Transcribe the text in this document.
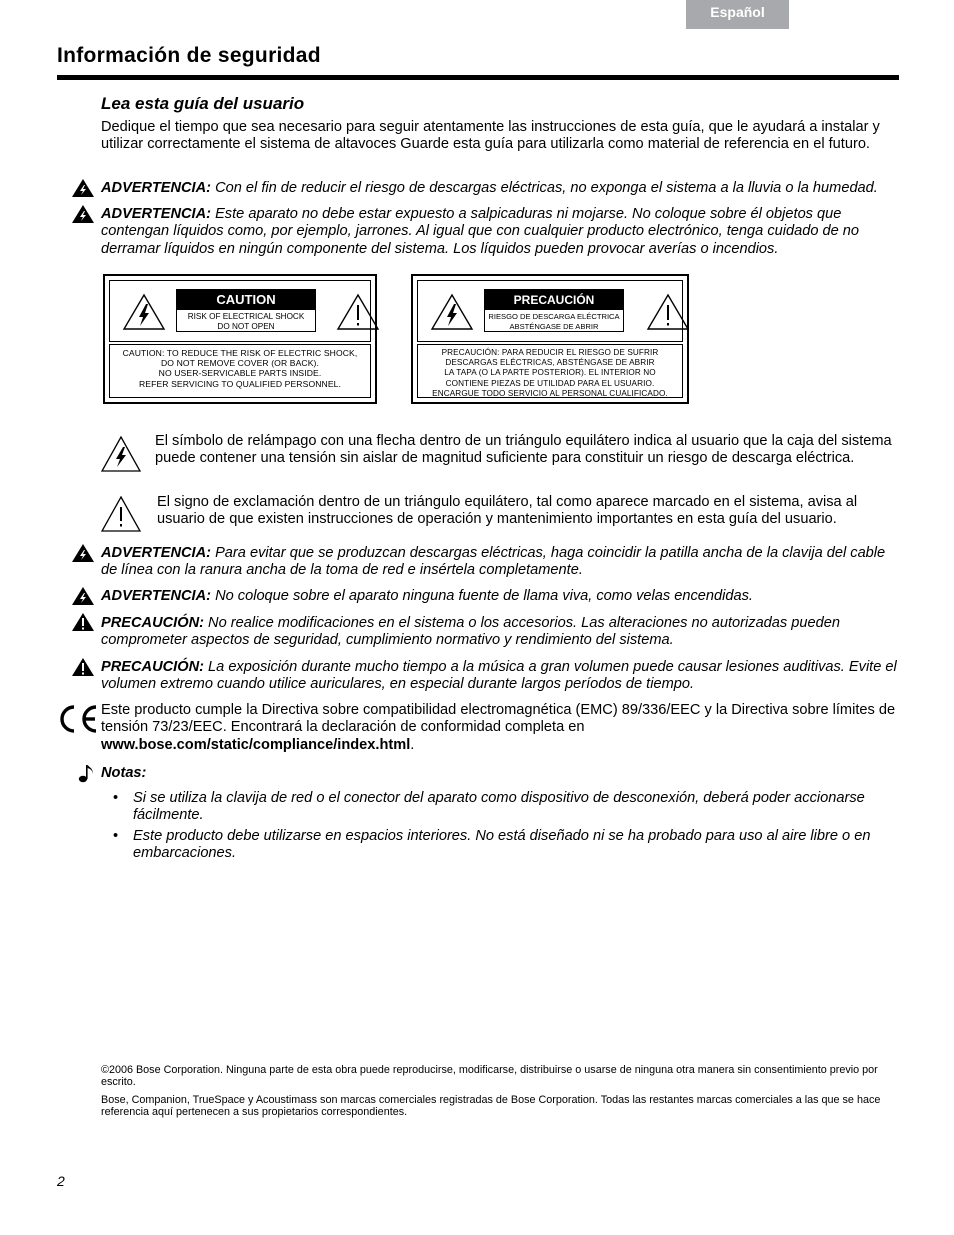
Español
Información de seguridad
Lea esta guía del usuario

Dedique el tiempo que sea necesario para seguir atentamente las instrucciones de esta guía, que le ayudará a instalar y utilizar correctamente el sistema de altavoces Guarde esta guía para utilizarla como material de referencia en el futuro.

ADVERTENCIA: Con el fin de reducir el riesgo de descargas eléctricas, no exponga el sistema a la lluvia o la humedad.

ADVERTENCIA: Este aparato no debe estar expuesto a salpicaduras ni mojarse. No coloque sobre él objetos que contengan líquidos como, por ejemplo, jarrones. Al igual que con cualquier producto electrónico, tenga cuidado de no derramar líquidos en ningún componente del sistema. Los líquidos pueden provocar averías o incendios.

CAUTION
RISK OF ELECTRICAL SHOCK
DO NOT OPEN
CAUTION: TO REDUCE THE RISK OF ELECTRIC SHOCK,
DO NOT REMOVE COVER (OR BACK).
NO USER-SERVICABLE PARTS INSIDE.
REFER SERVICING TO QUALIFIED PERSONNEL.
PRECAUCIÓN
RIESGO DE DESCARGA ELÉCTRICA
ABSTÉNGASE DE ABRIR
PRECAUCIÓN: PARA REDUCIR EL RIESGO DE SUFRIR
DESCARGAS ELÉCTRICAS, ABSTÉNGASE DE ABRIR
LA TAPA (O LA PARTE POSTERIOR). EL INTERIOR NO
CONTIENE PIEZAS DE UTILIDAD PARA EL USUARIO.
ENCARGUE TODO SERVICIO AL PERSONAL CUALIFICADO.

El símbolo de relámpago con una flecha dentro de un triángulo equilátero indica al usuario que la caja del sistema puede contener una tensión sin aislar de magnitud suficiente para constituir un riesgo de descarga eléctrica.

El signo de exclamación dentro de un triángulo equilátero, tal como aparece marcado en el sistema, avisa al usuario de que existen instrucciones de operación y mantenimiento importantes en esta guía del usuario.

ADVERTENCIA: Para evitar que se produzcan descargas eléctricas, haga coincidir la patilla ancha de la clavija del cable de línea con la ranura ancha de la toma de red e insértela completamente.

ADVERTENCIA: No coloque sobre el aparato ninguna fuente de llama viva, como velas encendidas.

PRECAUCIÓN: No realice modificaciones en el sistema o los accesorios. Las alteraciones no autorizadas pueden comprometer aspectos de seguridad, cumplimiento normativo y rendimiento del sistema.

PRECAUCIÓN: La exposición durante mucho tiempo a la música a gran volumen puede causar lesiones auditivas. Evite el volumen extremo cuando utilice auriculares, en especial durante largos períodos de tiempo.

Este producto cumple la Directiva sobre compatibilidad electromagnética (EMC) 89/336/EEC y la Directiva sobre límites de tensión 73/23/EEC. Encontrará la declaración de conformidad completa en www.bose.com/static/compliance/index.html.

Notas:

• Si se utiliza la clavija de red o el conector del aparato como dispositivo de desconexión, deberá poder accionarse fácilmente.

• Este producto debe utilizarse en espacios interiores. No está diseñado ni se ha probado para uso al aire libre o en embarcaciones.

©2006 Bose Corporation. Ninguna parte de esta obra puede reproducirse, modificarse, distribuirse o usarse de ninguna otra manera sin consentimiento previo por escrito.

Bose, Companion, TrueSpace y Acoustimass son marcas comerciales registradas de Bose Corporation. Todas las restantes marcas comerciales a las que se hace referencia aquí pertenecen a sus propietarios correspondientes.

2
